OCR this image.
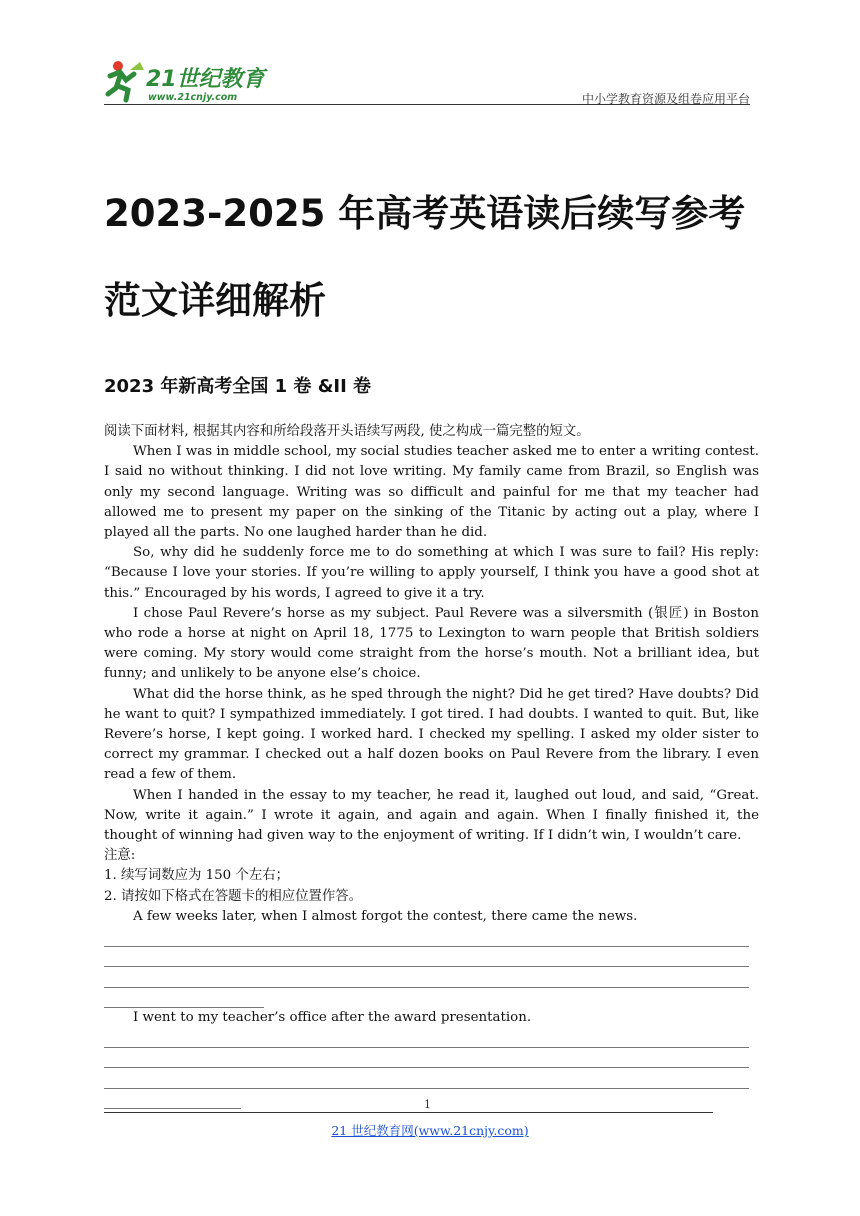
21世纪教育
www.21cnjy.com	中小学教育资源及组卷应用平台
2023-2025 年高考英语读后续写参考范文详细解析
2023 年新高考全国 1 卷 &II 卷

阅读下面材料, 根据其内容和所给段落开头语续写两段, 使之构成一篇完整的短文。

When I was in middle school, my social studies teacher asked me to enter a writing contest. I said no without thinking. I did not love writing. My family came from Brazil, so English was only my second language. Writing was so difficult and painful for me that my teacher had allowed me to present my paper on the sinking of the Titanic by acting out a play, where I played all the parts. No one laughed harder than he did.

So, why did he suddenly force me to do something at which I was sure to fail? His reply: “Because I love your stories. If you’re willing to apply yourself, I think you have a good shot at this.” Encouraged by his words, I agreed to give it a try.

I chose Paul Revere’s horse as my subject. Paul Revere was a silversmith (银匠) in Boston who rode a horse at night on April 18, 1775 to Lexington to warn people that British soldiers were coming. My story would come straight from the horse’s mouth. Not a brilliant idea, but funny; and unlikely to be anyone else’s choice.

What did the horse think, as he sped through the night? Did he get tired? Have doubts? Did he want to quit? I sympathized immediately. I got tired. I had doubts. I wanted to quit. But, like Revere’s horse, I kept going. I worked hard. I checked my spelling. I asked my older sister to correct my grammar. I checked out a half dozen books on Paul Revere from the library. I even read a few of them.

When I handed in the essay to my teacher, he read it, laughed out loud, and said, “Great. Now, write it again.” I wrote it again, and again and again. When I finally finished it, the thought of winning had given way to the enjoyment of writing. If I didn’t win, I wouldn’t care.

注意:

1. 续写词数应为 150 个左右；

2. 请按如下格式在答题卡的相应位置作答。

A few weeks later, when I almost forgot the contest, there came the news.

I went to my teacher’s office after the award presentation.

1
21 世纪教育网(www.21cnjy.com)
